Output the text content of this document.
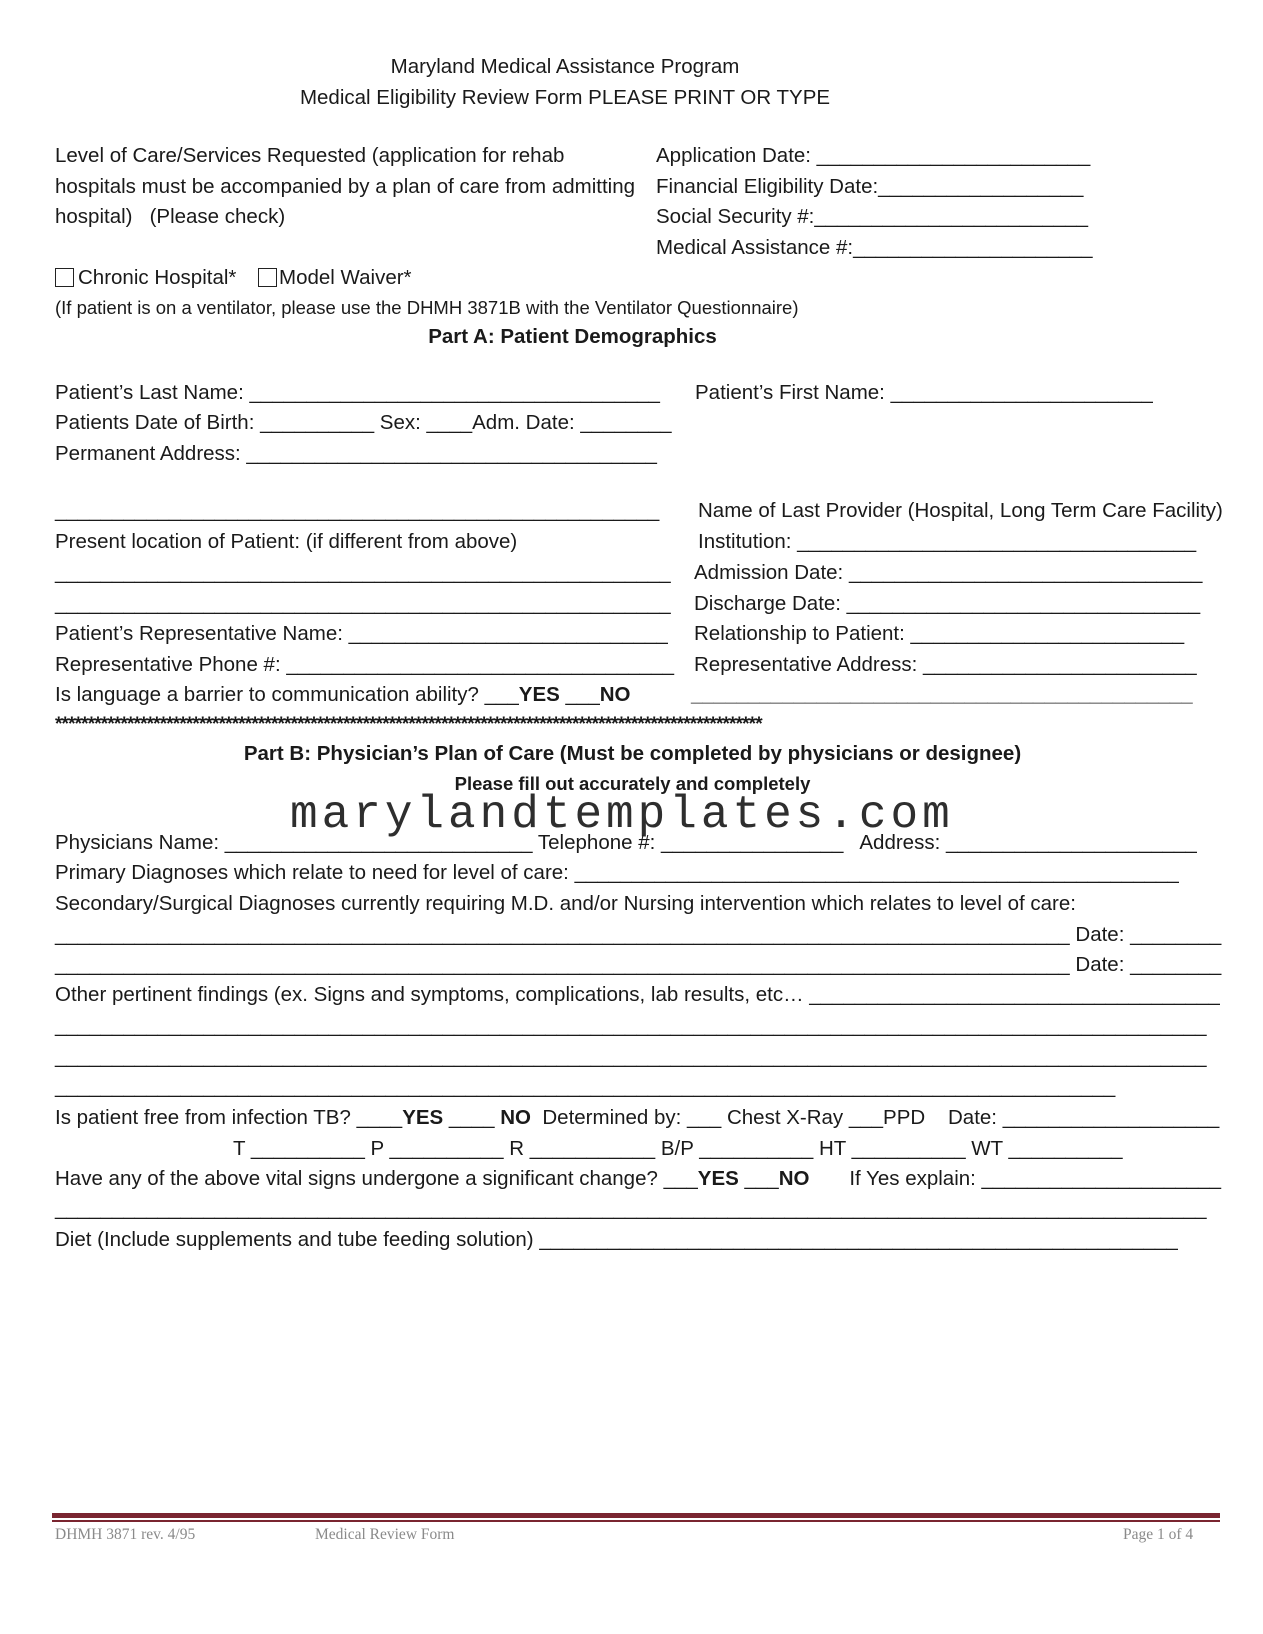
Maryland Medical Assistance Program
Medical Eligibility Review Form PLEASE PRINT OR TYPE
Level of Care/Services Requested (application for rehab
hospitals must be accompanied by a plan of care from admitting
hospital)   (Please check)
Application Date: ________________________
Financial Eligibility Date:__________________
Social Security #:________________________
Medical Assistance #:_____________________
Chronic Hospital* Model Waiver*
(If patient is on a ventilator, please use the DHMH 3871B with the Ventilator Questionnaire)
Part A: Patient Demographics
Patient’s Last Name: ____________________________________ Patient’s First Name: _______________________
Patients Date of Birth: __________ Sex: ____Adm. Date: ________
Permanent Address: ____________________________________
_____________________________________________________ Name of Last Provider (Hospital, Long Term Care Facility)
Present location of Patient: (if different from above)	Institution: ___________________________________
______________________________________________________ Admission Date: _______________________________
______________________________________________________ Discharge Date: _______________________________
Patient’s Representative Name: ____________________________ Relationship to Patient: ________________________
Representative Phone #: __________________________________ Representative Address: ________________________
Is language a barrier to communication ability? ___YES ___NO	____________________________________________
************************************************************************************************************
Part B: Physician’s Plan of Care (Must be completed by physicians or designee)
Please fill out accurately and completely
marylandtemplates.com
Physicians Name: ___________________________ Telephone #: ________________   Address: ______________________
Primary Diagnoses which relate to need for level of care: _____________________________________________________
Secondary/Surgical Diagnoses currently requiring M.D. and/or Nursing intervention which relates to level of care:
_________________________________________________________________________________________ Date: ________
_________________________________________________________________________________________ Date: ________
Other pertinent findings (ex. Signs and symptoms, complications, lab results, etc… ____________________________________
_____________________________________________________________________________________________________
_____________________________________________________________________________________________________
_____________________________________________________________________________________________
Is patient free from infection TB? ____YES ____ NO  Determined by: ___ Chest X-Ray ___PPD    Date: ___________________
T __________ P __________ R ___________ B/P __________ HT __________ WT __________
Have any of the above vital signs undergone a significant change? ___YES ___NO       If Yes explain: _____________________
_____________________________________________________________________________________________________
Diet (Include supplements and tube feeding solution) ________________________________________________________
DHMH 3871 rev. 4/95	Medical Review Form	Page 1 of 4
